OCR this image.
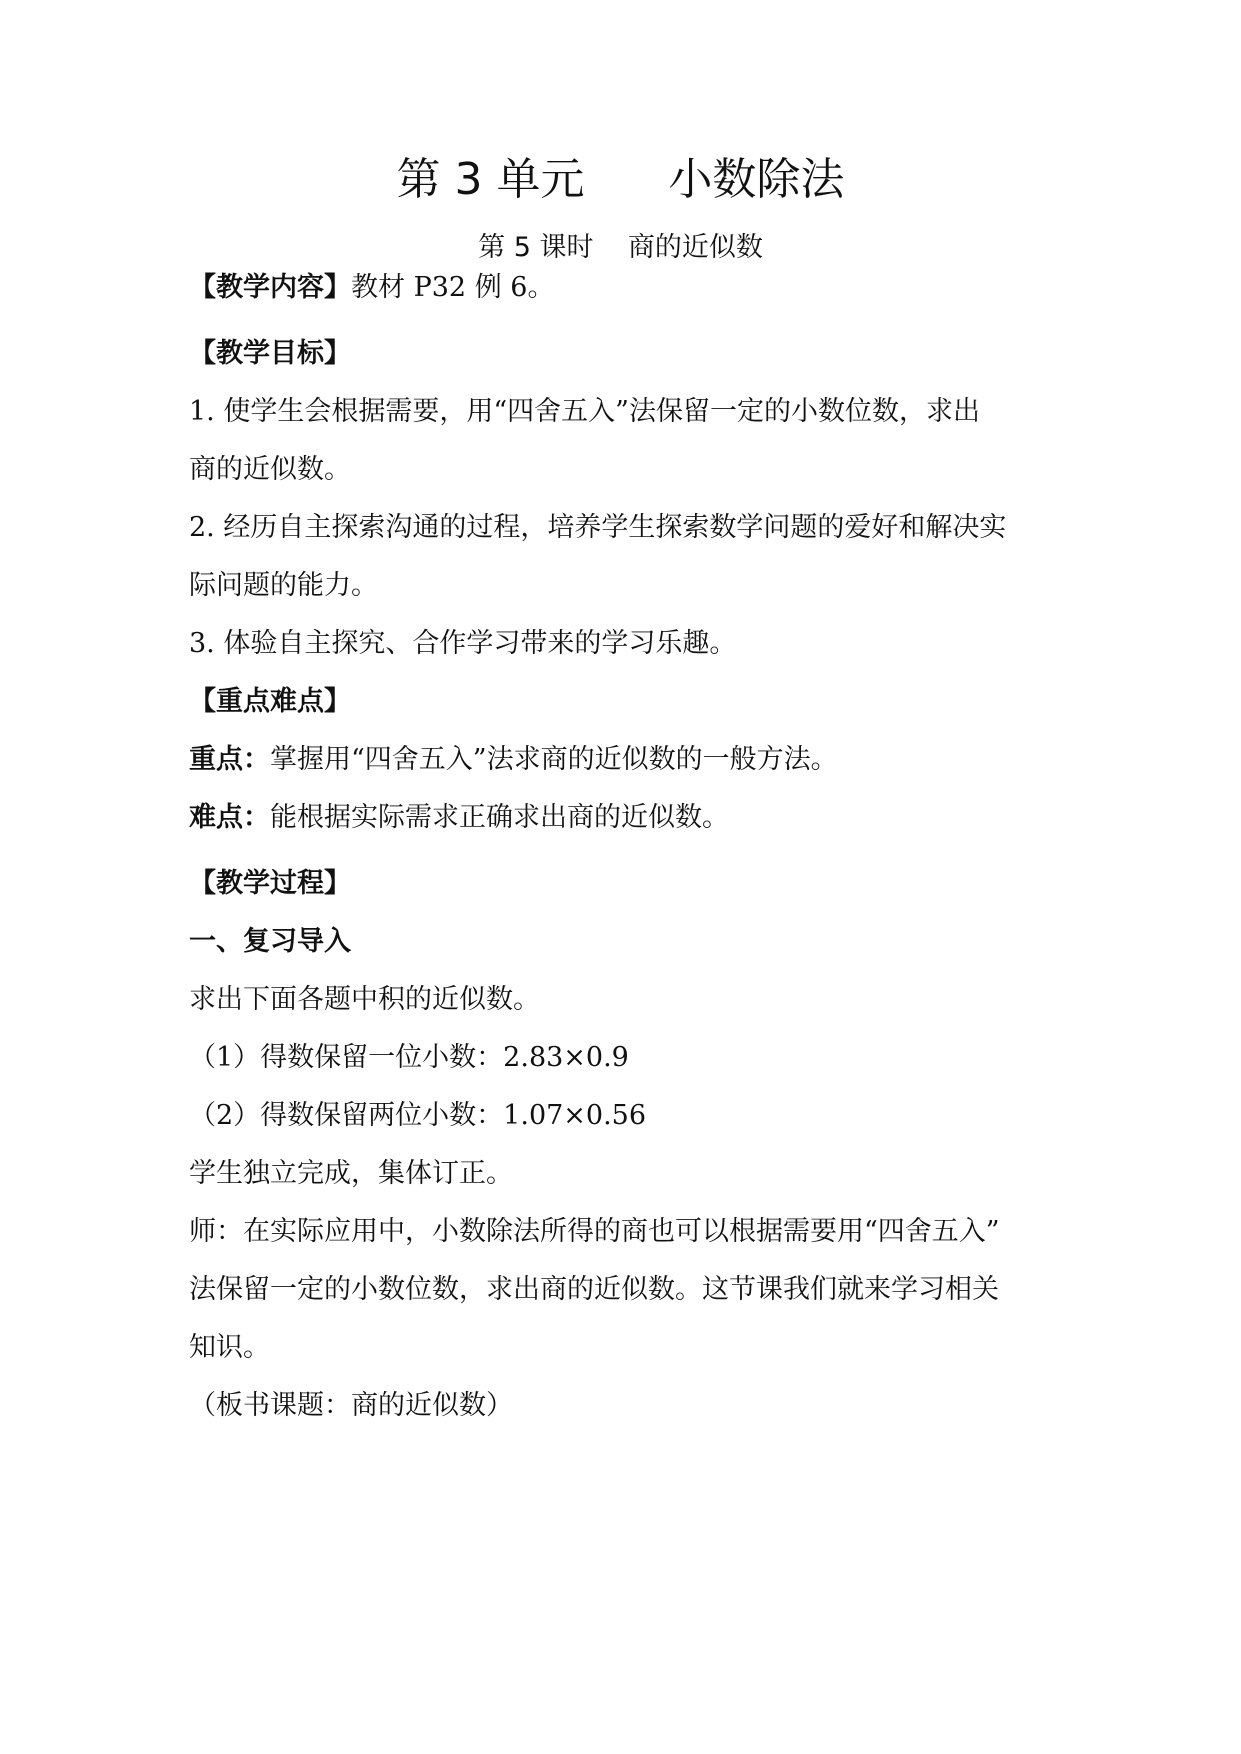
第 3 单元      小数除法
第 5 课时    商的近似数
【教学内容】教材 P32 例 6。
【教学目标】
1. 使学生会根据需要，用“四舍五入”法保留一定的小数位数，求出
商的近似数。
2. 经历自主探索沟通的过程，培养学生探索数学问题的爱好和解决实
际问题的能力。
3. 体验自主探究、合作学习带来的学习乐趣。
【重点难点】
重点：掌握用“四舍五入”法求商的近似数的一般方法。
难点：能根据实际需求正确求出商的近似数。
【教学过程】
一、复习导入
求出下面各题中积的近似数。
（1）得数保留一位小数：2.83×0.9
（2）得数保留两位小数：1.07×0.56
学生独立完成，集体订正。
师：在实际应用中，小数除法所得的商也可以根据需要用“四舍五入”
法保留一定的小数位数，求出商的近似数。这节课我们就来学习相关
知识。
（板书课题：商的近似数）
